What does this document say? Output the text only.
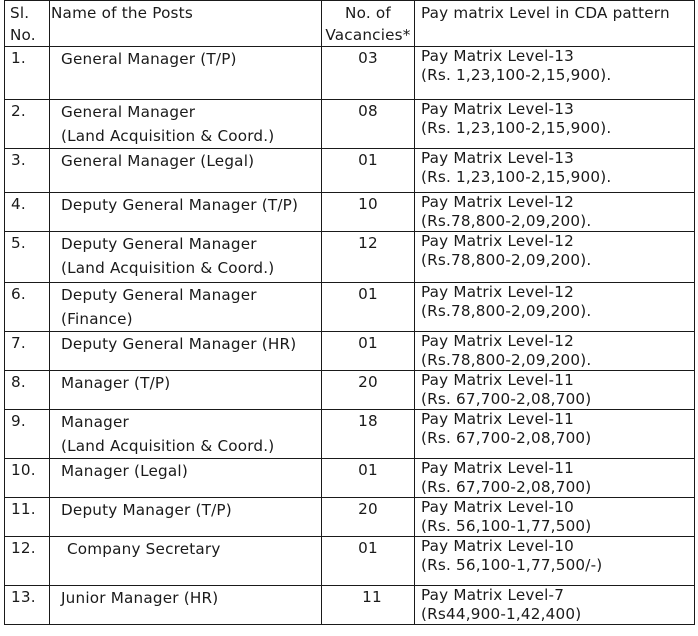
Sl.
No.	Name of the Posts	No. of
Vacancies*	Pay matrix Level in CDA pattern

1.	General Manager (T/P)	03	Pay Matrix Level-13
(Rs. 1,23,100-2,15,900).

2.	General Manager
(Land Acquisition & Coord.)	08	Pay Matrix Level-13
(Rs. 1,23,100-2,15,900).

3.	General Manager (Legal)	01	Pay Matrix Level-13
(Rs. 1,23,100-2,15,900).

4.	Deputy General Manager (T/P)	10	Pay Matrix Level-12
(Rs.78,800-2,09,200).

5.	Deputy General Manager
(Land Acquisition & Coord.)	12	Pay Matrix Level-12
(Rs.78,800-2,09,200).

6.	Deputy General Manager
(Finance)	01	Pay Matrix Level-12
(Rs.78,800-2,09,200).

7.	Deputy General Manager (HR)	01	Pay Matrix Level-12
(Rs.78,800-2,09,200).

8.	Manager (T/P)	20	Pay Matrix Level-11
(Rs. 67,700-2,08,700)

9.	Manager
(Land Acquisition & Coord.)	18	Pay Matrix Level-11
(Rs. 67,700-2,08,700)

10.	Manager (Legal)	01	Pay Matrix Level-11
(Rs. 67,700-2,08,700)

11.	Deputy Manager (T/P)	20	Pay Matrix Level-10
(Rs. 56,100-1,77,500)

12.	Company Secretary	01	Pay Matrix Level-10
(Rs. 56,100-1,77,500/-)

13.	Junior Manager (HR)	11	Pay Matrix Level-7
(Rs44,900-1,42,400)
